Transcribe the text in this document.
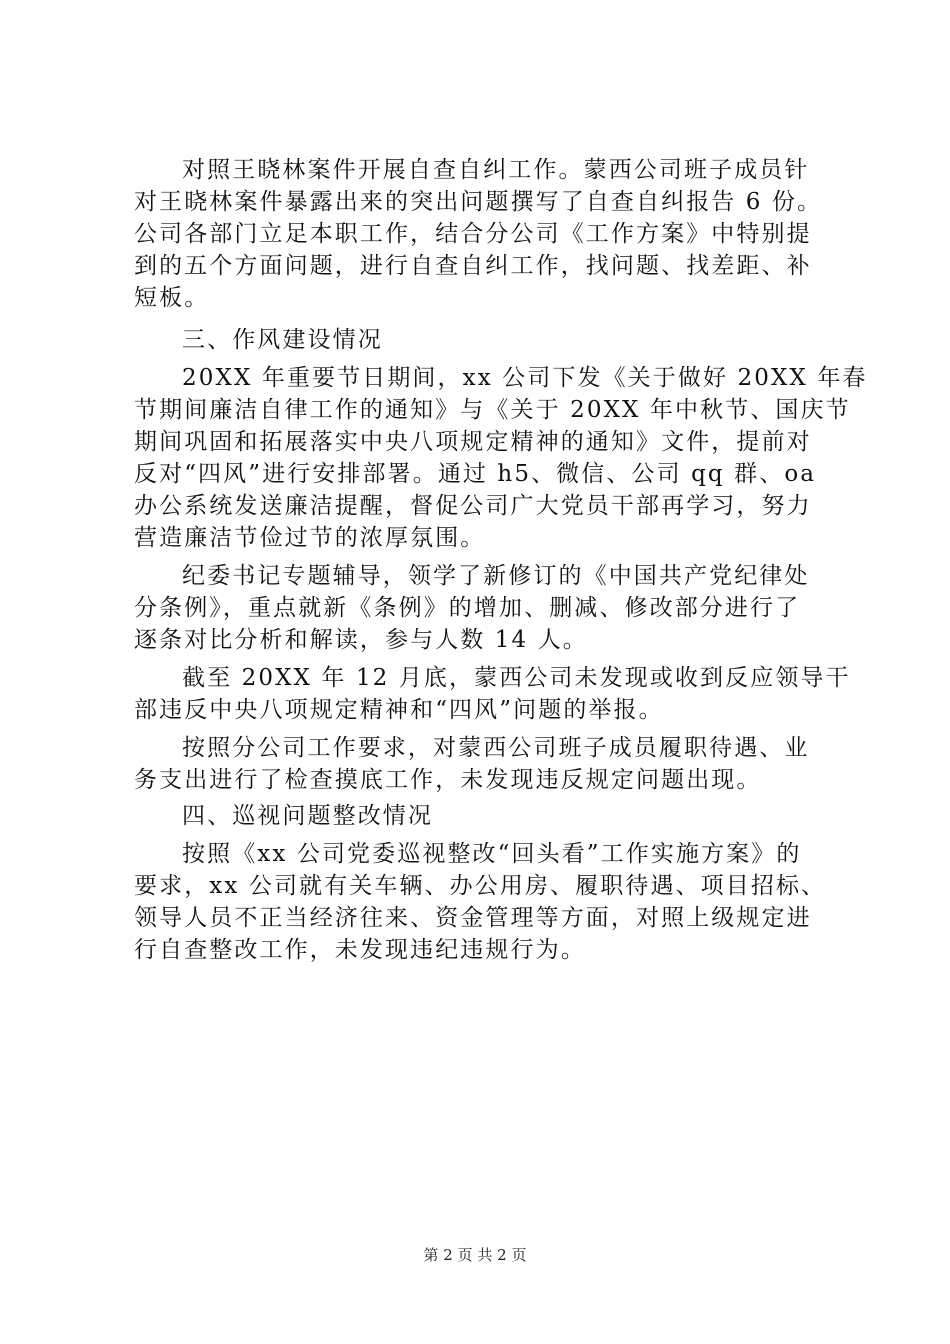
对照王晓林案件开展自查自纠工作。蒙西公司班子成员针
对王晓林案件暴露出来的突出问题撰写了自查自纠报告 6 份。
公司各部门立足本职工作，结合分公司《工作方案》中特别提
到的五个方面问题，进行自查自纠工作，找问题、找差距、补
短板。
三、作风建设情况
20XX 年重要节日期间，xx 公司下发《关于做好 20XX 年春
节期间廉洁自律工作的通知》与《关于 20XX 年中秋节、国庆节
期间巩固和拓展落实中央八项规定精神的通知》文件，提前对
反对“四风”进行安排部署。通过 h5、微信、公司 qq 群、oa
办公系统发送廉洁提醒，督促公司广大党员干部再学习，努力
营造廉洁节俭过节的浓厚氛围。
纪委书记专题辅导，领学了新修订的《中国共产党纪律处
分条例》，重点就新《条例》的增加、删减、修改部分进行了
逐条对比分析和解读，参与人数 14 人。
截至 20XX 年 12 月底，蒙西公司未发现或收到反应领导干
部违反中央八项规定精神和“四风”问题的举报。
按照分公司工作要求，对蒙西公司班子成员履职待遇、业
务支出进行了检查摸底工作，未发现违反规定问题出现。
四、巡视问题整改情况
按照《xx 公司党委巡视整改“回头看”工作实施方案》的
要求，xx 公司就有关车辆、办公用房、履职待遇、项目招标、
领导人员不正当经济往来、资金管理等方面，对照上级规定进
行自查整改工作，未发现违纪违规行为。
第 2 页 共 2 页
